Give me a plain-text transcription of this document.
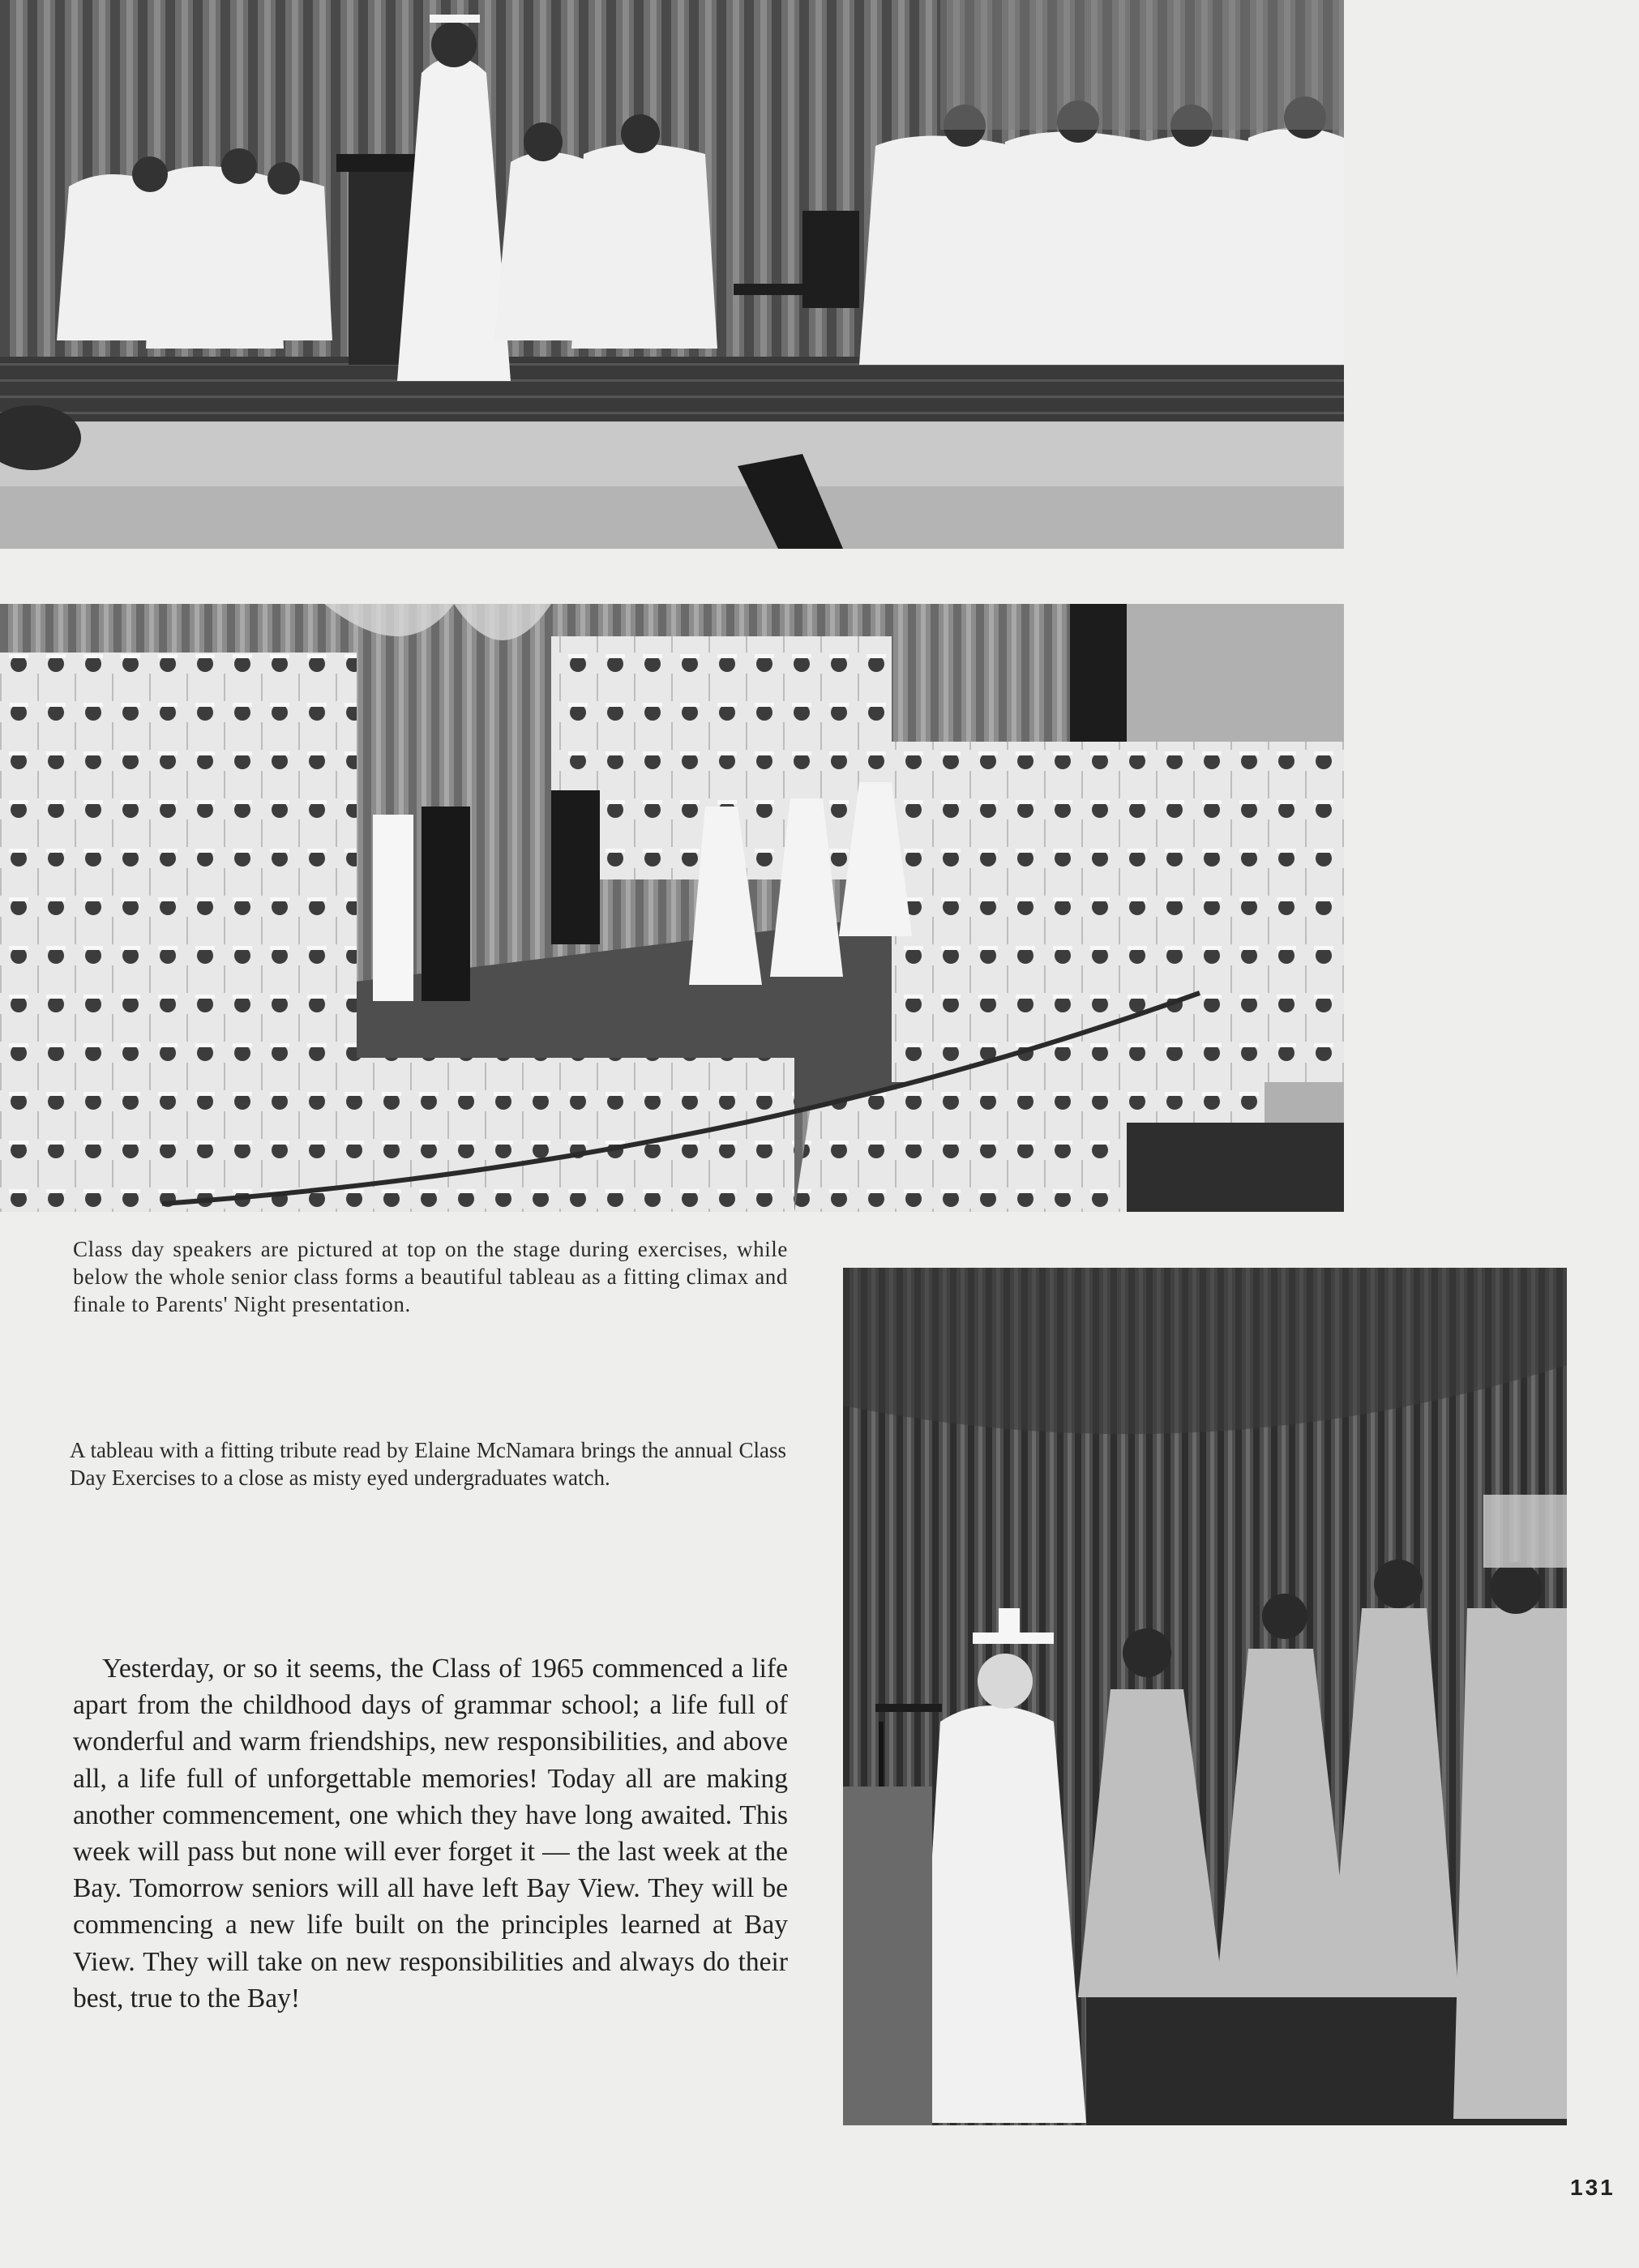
Class day speakers are pictured at top on the stage during exercises, while below the whole senior class forms a beautiful tableau as a fitting climax and finale to Parents' Night presentation.
A tableau with a fitting tribute read by Elaine McNamara brings the annual Class Day Exercises to a close as misty eyed undergraduates watch.
Yesterday, or so it seems, the Class of 1965 commenced a life apart from the childhood days of grammar school; a life full of wonderful and warm friendships, new responsibilities, and above all, a life full of unforgettable memories! Today all are making another commencement, one which they have long awaited. This week will pass but none will ever forget it — the last week at the Bay. Tomorrow seniors will all have left Bay View. They will be commencing a new life built on the principles learned at Bay View. They will take on new responsibilities and always do their best, true to the Bay!
131
